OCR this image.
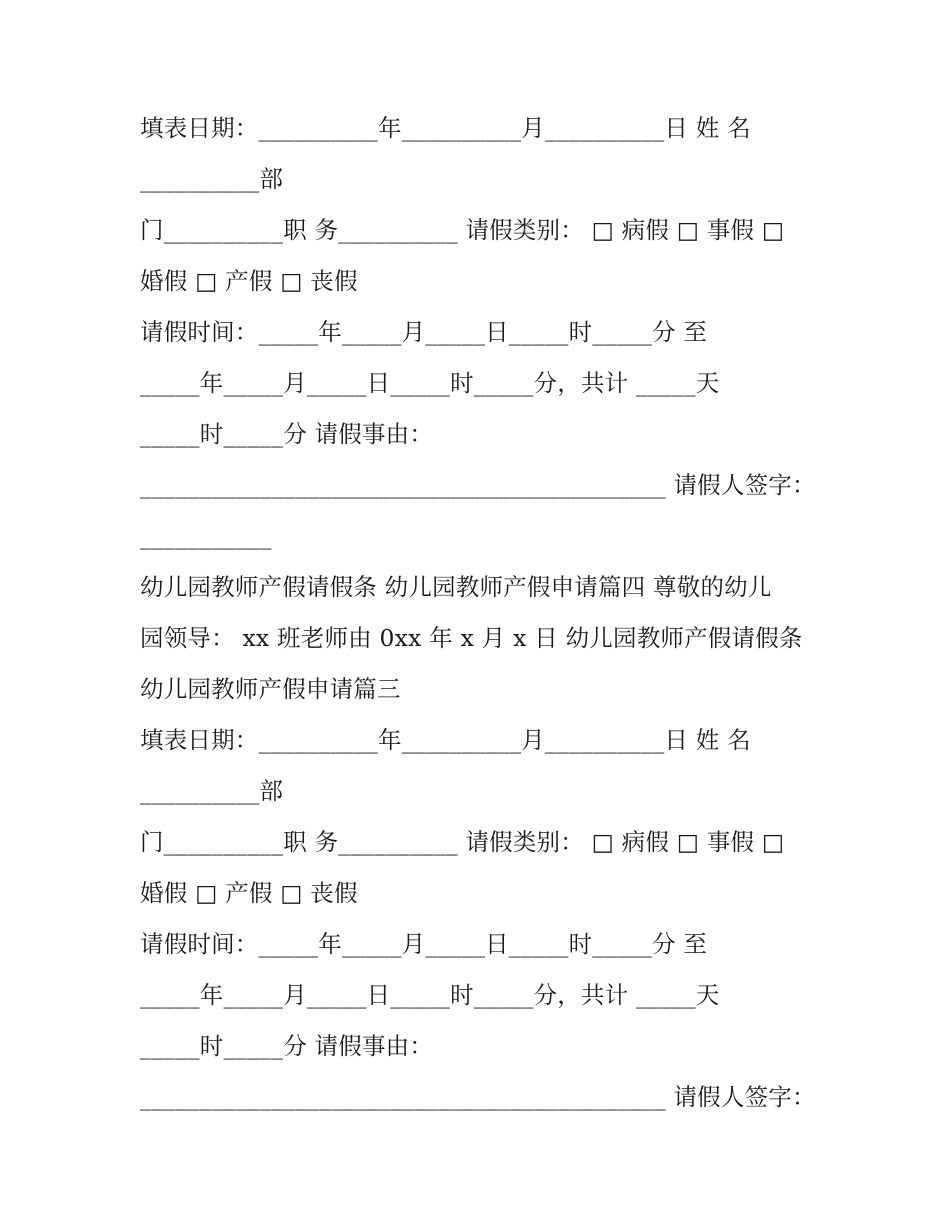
填表日期：__________年__________月__________日 姓 名
__________部
门__________职 务__________ 请假类别： □ 病假 □ 事假 □
婚假 □ 产假 □ 丧假
请假时间：_____年_____月_____日_____时_____分 至
_____年_____月_____日_____时_____分，共计 _____天
_____时_____分 请假事由：
____________________________________________ 请假人签字：
___________
幼儿园教师产假请假条 幼儿园教师产假申请篇四 尊敬的幼儿
园领导： xx 班老师由 0xx 年 x 月 x 日 幼儿园教师产假请假条
幼儿园教师产假申请篇三
填表日期：__________年__________月__________日 姓 名
__________部
门__________职 务__________ 请假类别： □ 病假 □ 事假 □
婚假 □ 产假 □ 丧假
请假时间：_____年_____月_____日_____时_____分 至
_____年_____月_____日_____时_____分，共计 _____天
_____时_____分 请假事由：
____________________________________________ 请假人签字：
